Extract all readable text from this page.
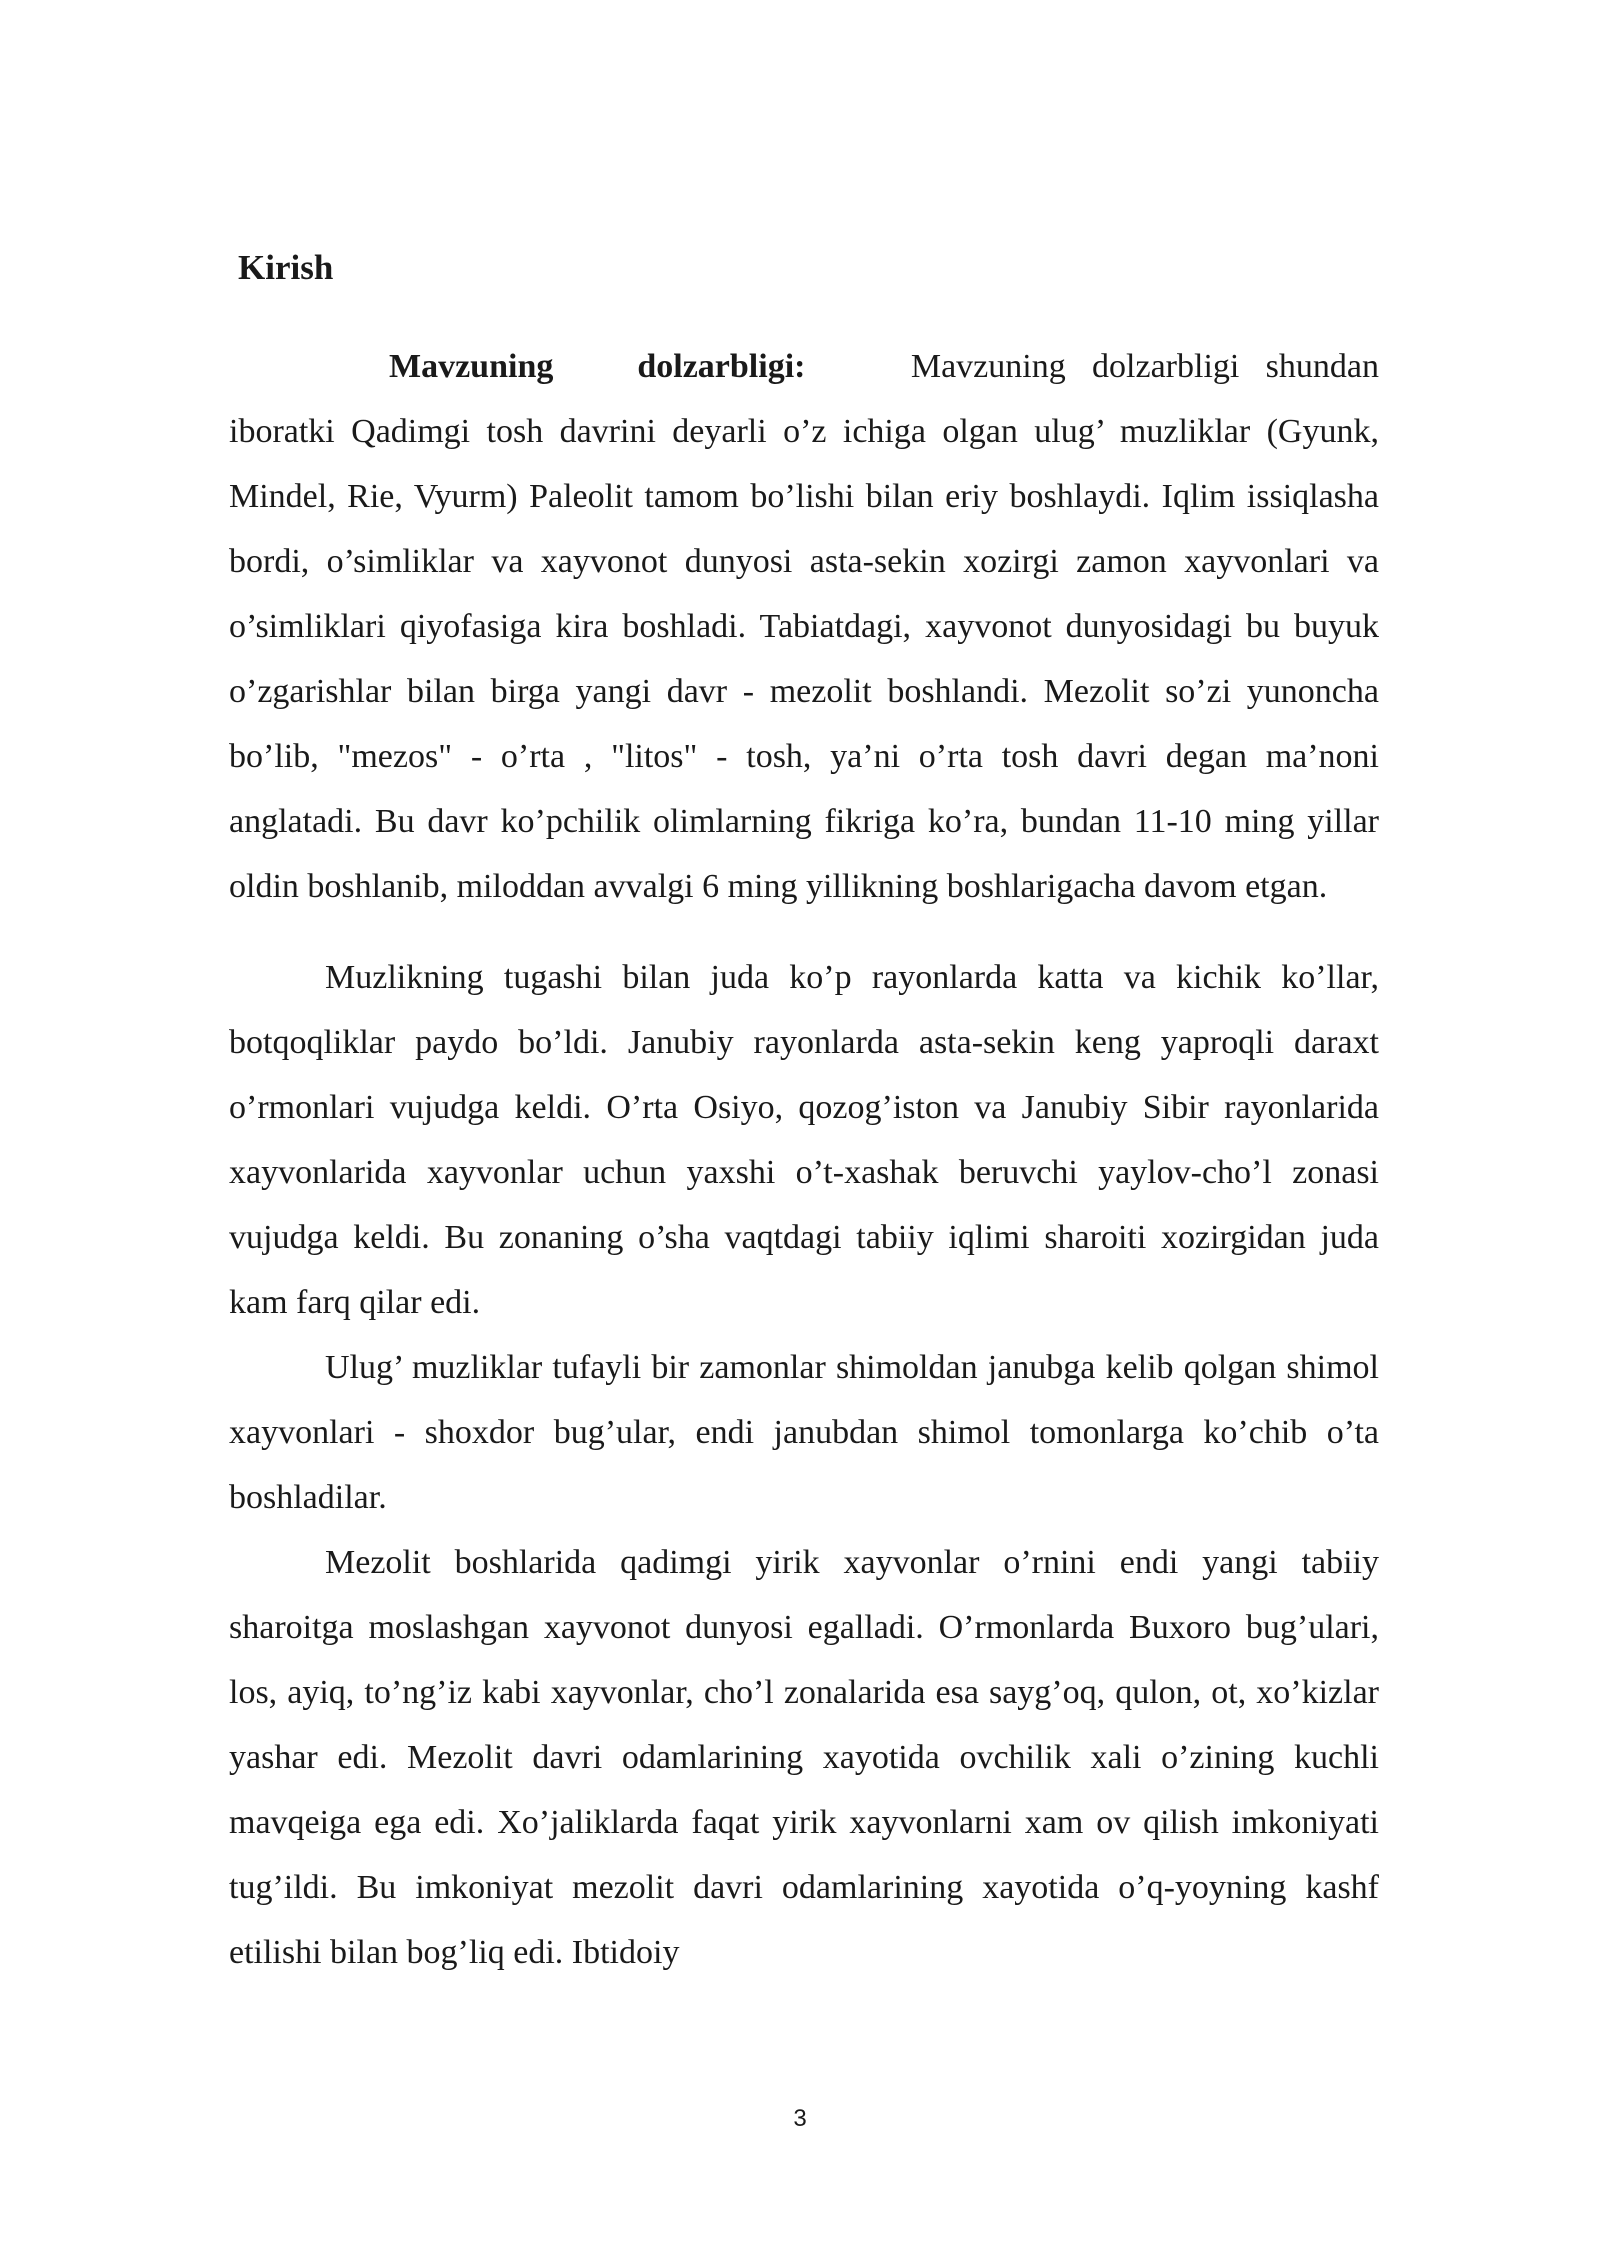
Kirish

Mavzuning dolzarbligi:	Mavzuning dolzarbligi shundan iboratki Qadimgi tosh davrini deyarli o’z ichiga olgan ulug’ muzliklar (Gyunk, Mindel, Rie, Vyurm) Paleolit tamom bo’lishi bilan eriy boshlaydi. Iqlim issiqlasha bordi, o’simliklar va xayvonot dunyosi asta-sekin xozirgi zamon xayvonlari va o’simliklari qiyofasiga kira boshladi. Tabiatdagi, xayvonot dunyosidagi bu buyuk o’zgarishlar bilan birga yangi davr - mezolit boshlandi. Mezolit so’zi yunoncha bo’lib, "mezos" - o’rta , "litos" - tosh, ya’ni o’rta tosh davri degan ma’noni anglatadi. Bu davr ko’pchilik olimlarning fikriga ko’ra, bundan 11-10 ming yillar oldin boshlanib, miloddan avvalgi 6 ming yillikning boshlarigacha davom etgan.

Muzlikning tugashi bilan juda ko’p rayonlarda katta va kichik ko’llar, botqoqliklar paydo bo’ldi. Janubiy rayonlarda asta-sekin keng yaproqli daraxt o’rmonlari vujudga keldi. O’rta Osiyo, qozog’iston va Janubiy Sibir rayonlarida xayvonlarida xayvonlar uchun yaxshi o’t-xashak beruvchi yaylov-cho’l zonasi vujudga keldi. Bu zonaning o’sha vaqtdagi tabiiy iqlimi sharoiti xozirgidan juda kam farq qilar edi.

Ulug’ muzliklar tufayli bir zamonlar shimoldan janubga kelib qolgan shimol xayvonlari - shoxdor bug’ular, endi janubdan shimol tomonlarga ko’chib o’ta boshladilar.

Mezolit boshlarida qadimgi yirik xayvonlar o’rnini endi yangi tabiiy sharoitga moslashgan xayvonot dunyosi egalladi. O’rmonlarda Buxoro bug’ulari, los, ayiq, to’ng’iz kabi xayvonlar, cho’l zonalarida esa sayg’oq, qulon, ot, xo’kizlar yashar edi. Mezolit davri odamlarining xayotida ovchilik xali o’zining kuchli mavqeiga ega edi. Xo’jaliklarda faqat yirik xayvonlarni xam ov qilish imkoniyati tug’ildi. Bu imkoniyat mezolit davri odamlarining xayotida o’q-yoyning kashf etilishi bilan bog’liq edi. Ibtidoiy

3
